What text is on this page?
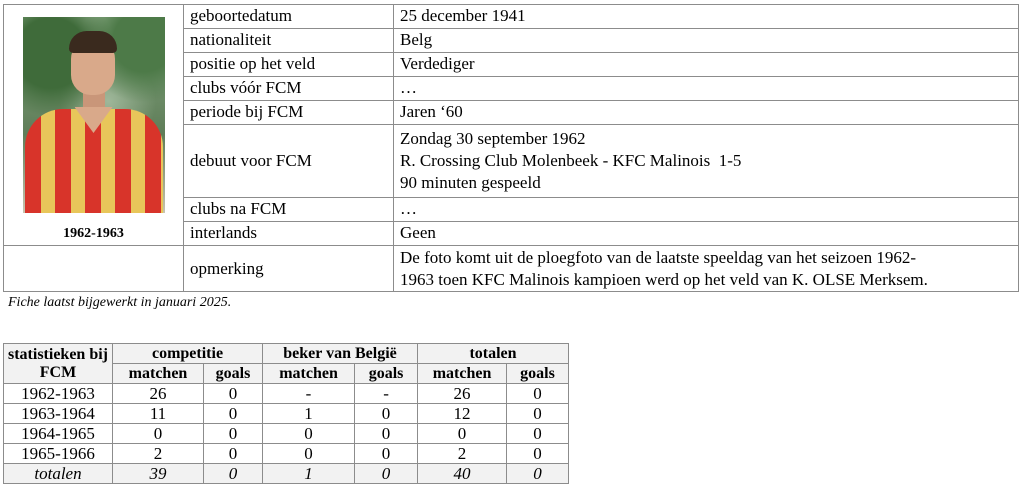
1962-1963	geboortedatum	25 december 1941
	nationaliteit	Belg
	positie op het veld	Verdediger
	clubs vóór FCM	…
	periode bij FCM	Jaren ‘60
	debuut voor FCM	Zondag 30 september 1962
R. Crossing Club Molenbeek - KFC Malinois  1-5
90 minuten gespeeld

	clubs na FCM	…
	interlands	Geen
	opmerking	De foto komt uit de ploegfoto van de laatste speeldag van het seizoen 1962-
1963 toen KFC Malinois kampioen werd op het veld van K. OLSE Merksem.
Fiche laatst bijgewerkt in januari 2025.
statistieken bij FCM	competitie		beker van België		totalen	
	matchen	goals	matchen	goals	matchen	goals
1962-1963	26	0	-	-	26	0
1963-1964	11	0	1	0	12	0
1964-1965	0	0	0	0	0	0
1965-1966	2	0	0	0	2	0
totalen	39	0	1	0	40	0
